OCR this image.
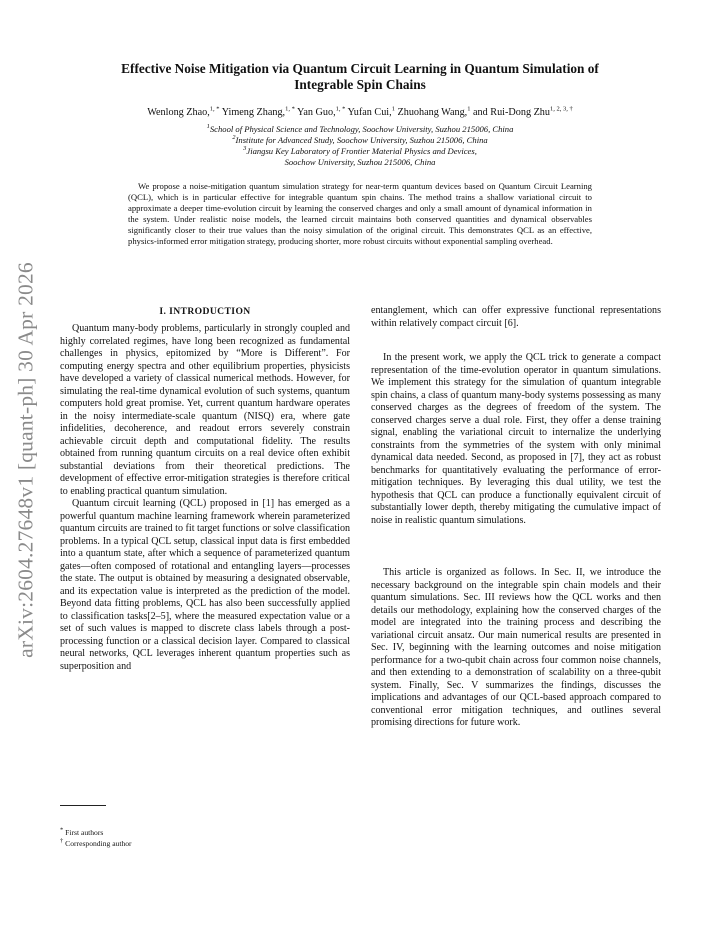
arXiv:2604.27648v1 [quant-ph] 30 Apr 2026
Effective Noise Mitigation via Quantum Circuit Learning in Quantum Simulation of
Integrable Spin Chains
Wenlong Zhao,$^{1, *}$ Yimeng Zhang,$^{1, *}$ Yan Guo,$^{1, *}$ Yufan Cui,$^1$ Zhuohang Wang,$^1$ and Rui-Dong Zhu$^{1, 2, 3, \dagger}$
$^1$School of Physical Science and Technology, Soochow University, Suzhou 215006, China
$^2$Institute for Advanced Study, Soochow University, Suzhou 215006, China
$^3$Jiangsu Key Laboratory of Frontier Material Physics and Devices,
Soochow University, Suzhou 215006, China
We propose a noise-mitigation quantum simulation strategy for near-term quantum devices based on Quantum Circuit Learning (QCL), which is in particular effective for integrable quantum spin chains. The method trains a shallow variational circuit to approximate a deeper time-evolution circuit by learning the conserved charges and only a small amount of dynamical information in the system. Under realistic noise models, the learned circuit maintains both conserved quantities and dynamical observables significantly closer to their true values than the noisy simulation of the original circuit. This demonstrates QCL as an effective, physics-informed error mitigation strategy, producing shorter, more robust circuits without exponential sampling overhead.
I. INTRODUCTION

Quantum many-body problems, particularly in strongly coupled and highly correlated regimes, have long been recognized as fundamental challenges in physics, epitomized by “More is Different”. For computing energy spectra and other equilibrium properties, physicists have developed a variety of classical numerical methods. However, for simulating the real-time dynamical evolution of such systems, quantum computers hold great promise. Yet, current quantum hardware operates in the noisy intermediate-scale quantum (NISQ) era, where gate infidelities, decoherence, and readout errors severely constrain achievable circuit depth and computational fidelity. The results obtained from running quantum circuits on a real device often exhibit substantial deviations from their theoretical predictions. The development of effective error-mitigation strategies is therefore critical to enabling practical quantum simulation.

Quantum circuit learning (QCL) proposed in [1] has emerged as a powerful quantum machine learning framework wherein parameterized quantum circuits are trained to fit target functions or solve classification problems. In a typical QCL setup, classical input data is first embedded into a quantum state, after which a sequence of parameterized quantum gates—often composed of rotational and entangling layers—processes the state. The output is obtained by measuring a designated observable, and its expectation value is interpreted as the prediction of the model. Beyond data fitting problems, QCL has also been successfully applied to classification tasks[2–5], where the measured expectation value or a set of such values is mapped to discrete class labels through a post-processing function or a classical decision layer. Compared to classical neural networks, QCL leverages inherent quantum properties such as superposition and

entanglement, which can offer expressive functional representations within relatively compact circuit [6].

In the present work, we apply the QCL trick to generate a compact representation of the time-evolution operator in quantum simulations. We implement this strategy for the simulation of quantum integrable spin chains, a class of quantum many-body systems possessing as many conserved charges as the degrees of freedom of the system. The conserved charges serve a dual role. First, they offer a dense training signal, enabling the variational circuit to internalize the underlying constraints from the symmetries of the system with only minimal dynamical data needed. Second, as proposed in [7], they act as robust benchmarks for quantitatively evaluating the performance of error-mitigation techniques. By leveraging this dual utility, we test the hypothesis that QCL can produce a functionally equivalent circuit of substantially lower depth, thereby mitigating the cumulative impact of noise in realistic quantum simulations.

This article is organized as follows. In Sec. II, we introduce the necessary background on the integrable spin chain models and their quantum simulations. Sec. III reviews how the QCL works and then details our methodology, explaining how the conserved charges of the model are integrated into the training process and describing the variational circuit ansatz. Our main numerical results are presented in Sec. IV, beginning with the learning outcomes and noise mitigation performance for a two-qubit chain across four common noise channels, and then extending to a demonstration of scalability on a three-qubit system. Finally, Sec. V summarizes the findings, discusses the implications and advantages of our QCL-based approach compared to conventional error mitigation techniques, and outlines several promising directions for future work.

* First authors
† Corresponding author
